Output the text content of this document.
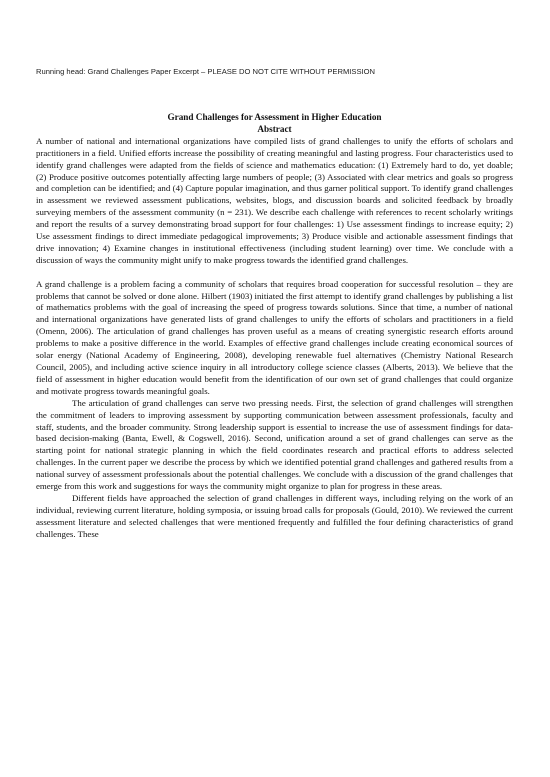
Running head: Grand Challenges Paper Excerpt – PLEASE DO NOT CITE WITHOUT PERMISSION

Grand Challenges for Assessment in Higher Education

Abstract

A number of national and international organizations have compiled lists of grand challenges to unify the efforts of scholars and practitioners in a field. Unified efforts increase the possibility of creating meaningful and lasting progress. Four characteristics used to identify grand challenges were adapted from the fields of science and mathematics education: (1) Extremely hard to do, yet doable; (2) Produce positive outcomes potentially affecting large numbers of people; (3) Associated with clear metrics and goals so progress and completion can be identified; and (4) Capture popular imagination, and thus garner political support. To identify grand challenges in assessment we reviewed assessment publications, websites, blogs, and discussion boards and solicited feedback by broadly surveying members of the assessment community (n = 231). We describe each challenge with references to recent scholarly writings and report the results of a survey demonstrating broad support for four challenges: 1) Use assessment findings to increase equity; 2) Use assessment findings to direct immediate pedagogical improvements; 3) Produce visible and actionable assessment findings that drive innovation; 4) Examine changes in institutional effectiveness (including student learning) over time. We conclude with a discussion of ways the community might unify to make progress towards the identified grand challenges.

A grand challenge is a problem facing a community of scholars that requires broad cooperation for successful resolution – they are problems that cannot be solved or done alone. Hilbert (1903) initiated the first attempt to identify grand challenges by publishing a list of mathematics problems with the goal of increasing the speed of progress towards solutions. Since that time, a number of national and international organizations have generated lists of grand challenges to unify the efforts of scholars and practitioners in a field (Omenn, 2006). The articulation of grand challenges has proven useful as a means of creating synergistic research efforts around problems to make a positive difference in the world. Examples of effective grand challenges include creating economical sources of solar energy (National Academy of Engineering, 2008), developing renewable fuel alternatives (Chemistry National Research Council, 2005), and including active science inquiry in all introductory college science classes (Alberts, 2013). We believe that the field of assessment in higher education would benefit from the identification of our own set of grand challenges that could organize and motivate progress towards meaningful goals.

The articulation of grand challenges can serve two pressing needs. First, the selection of grand challenges will strengthen the commitment of leaders to improving assessment by supporting communication between assessment professionals, faculty and staff, students, and the broader community. Strong leadership support is essential to increase the use of assessment findings for data-based decision-making (Banta, Ewell, & Cogswell, 2016). Second, unification around a set of grand challenges can serve as the starting point for national strategic planning in which the field coordinates research and practical efforts to address selected challenges. In the current paper we describe the process by which we identified potential grand challenges and gathered results from a national survey of assessment professionals about the potential challenges. We conclude with a discussion of the grand challenges that emerge from this work and suggestions for ways the community might organize to plan for progress in these areas.

Different fields have approached the selection of grand challenges in different ways, including relying on the work of an individual, reviewing current literature, holding symposia, or issuing broad calls for proposals (Gould, 2010). We reviewed the current assessment literature and selected challenges that were mentioned frequently and fulfilled the four defining characteristics of grand challenges. These
